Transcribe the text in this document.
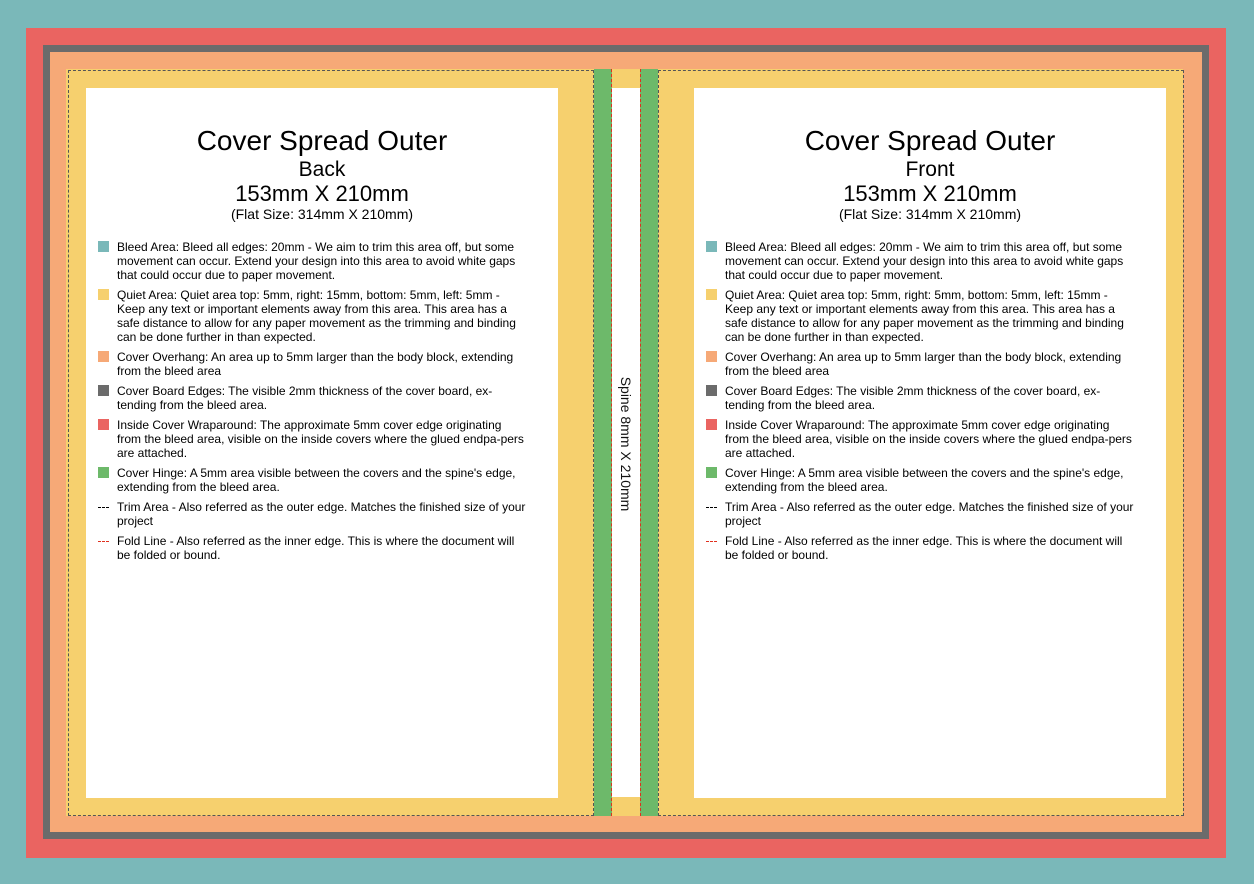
Spine 8mm X 210mm
Cover Spread Outer
Back
153mm X 210mm
(Flat Size: 314mm X 210mm)
Bleed Area: Bleed all edges: 20mm - We aim to trim this area off, but some movement can occur. Extend your design into this area to avoid white gaps that could occur due to paper movement.
Quiet Area: Quiet area top: 5mm, right: 15mm, bottom: 5mm, left: 5mm - Keep any text or important elements away from this area. This area has a safe distance to allow for any paper movement as the trimming and binding can be done further in than expected.
Cover Overhang: An area up to 5mm larger than the body block, extending from the bleed area
Cover Board Edges: The visible 2mm thickness of the cover board, ex-tending from the bleed area.
Inside Cover Wraparound: The approximate 5mm cover edge originating from the bleed area, visible on the inside covers where the glued endpa-pers are attached.
Cover Hinge: A 5mm area visible between the covers and the spine's edge, extending from the bleed area.
Trim Area - Also referred as the outer edge. Matches the finished size of your project
Fold Line - Also referred as the inner edge. This is where the document will be folded or bound.
Cover Spread Outer
Front
153mm X 210mm
(Flat Size: 314mm X 210mm)
Bleed Area: Bleed all edges: 20mm - We aim to trim this area off, but some movement can occur. Extend your design into this area to avoid white gaps that could occur due to paper movement.
Quiet Area: Quiet area top: 5mm, right: 5mm, bottom: 5mm, left: 15mm - Keep any text or important elements away from this area. This area has a safe distance to allow for any paper movement as the trimming and binding can be done further in than expected.
Cover Overhang: An area up to 5mm larger than the body block, extending from the bleed area
Cover Board Edges: The visible 2mm thickness of the cover board, ex-tending from the bleed area.
Inside Cover Wraparound: The approximate 5mm cover edge originating from the bleed area, visible on the inside covers where the glued endpa-pers are attached.
Cover Hinge: A 5mm area visible between the covers and the spine's edge, extending from the bleed area.
Trim Area - Also referred as the outer edge. Matches the finished size of your project
Fold Line - Also referred as the inner edge. This is where the document will be folded or bound.
